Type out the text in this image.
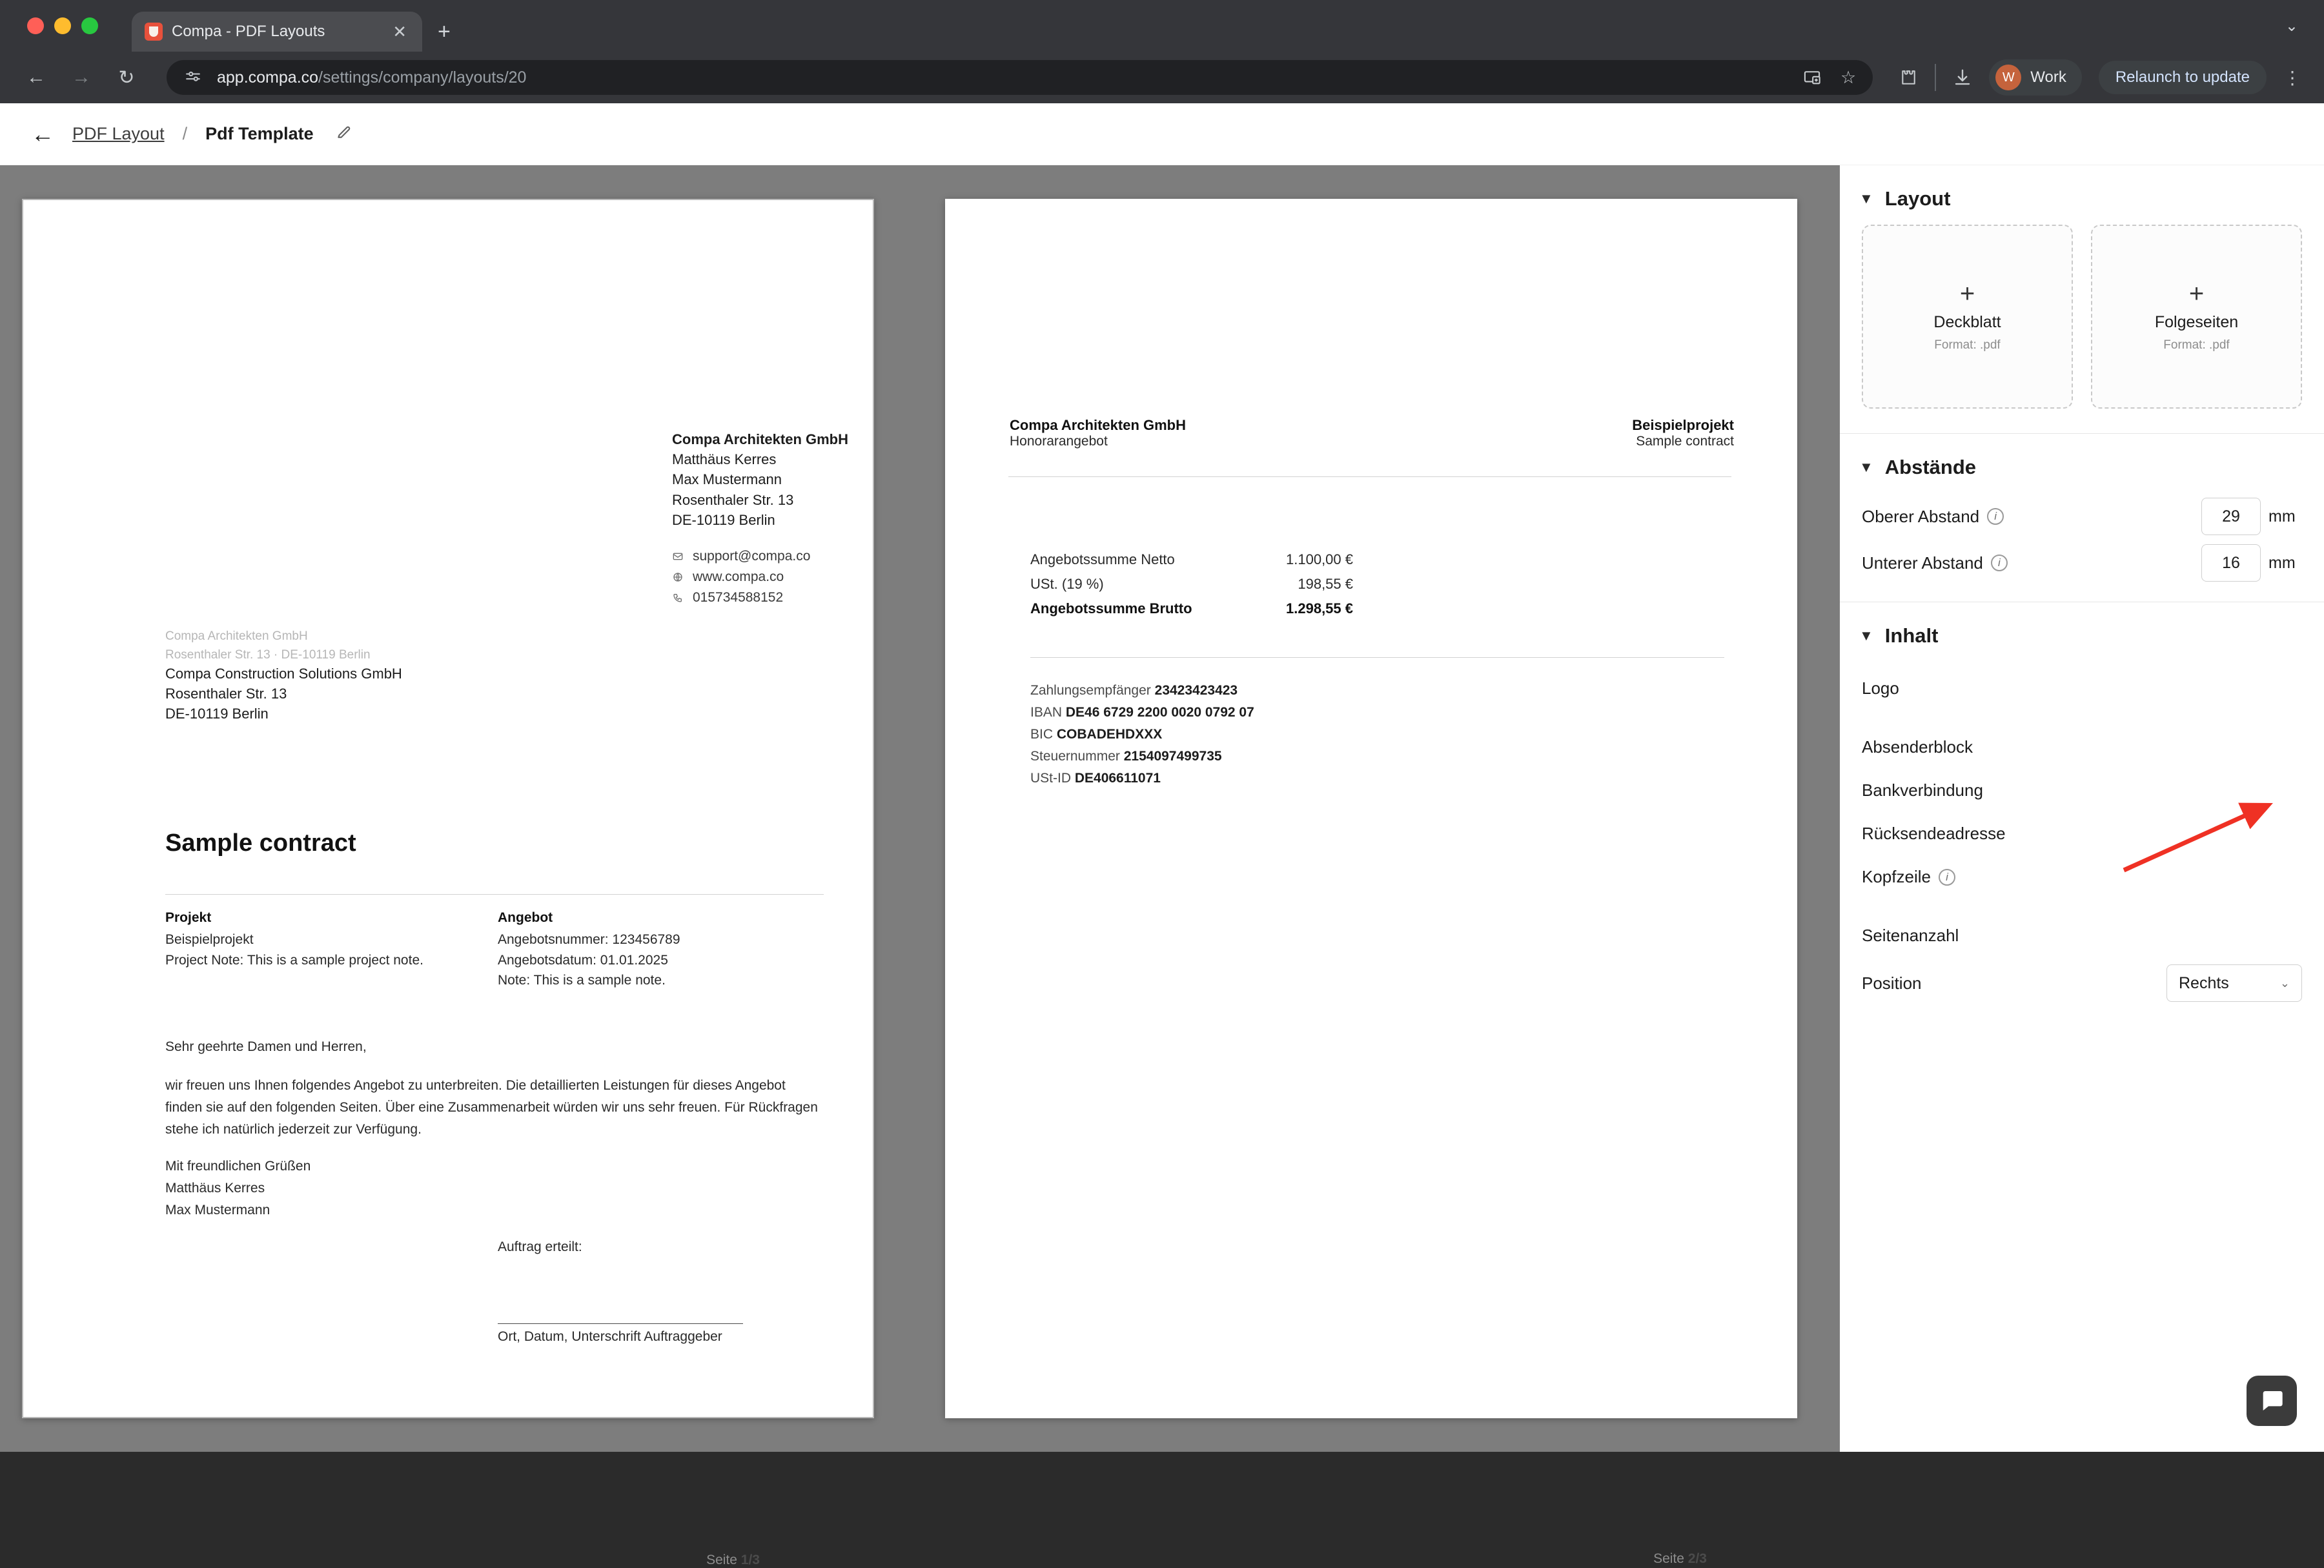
Compa - PDF Layouts	✕ +	⌄
← →	↻	app.compa.co/settings/company/layouts/20	☆	W	Work	Relaunch to update	⋮
← PDF Layout / Pdf Template
Compa Architekten GmbH
Matthäus Kerres
Max Mustermann
Rosenthaler Str. 13
DE-10119 Berlin
support@compa.co
www.compa.co
015734588152
Compa Architekten GmbH
Rosenthaler Str. 13 · DE-10119 Berlin
Compa Construction Solutions GmbH
Rosenthaler Str. 13
DE-10119 Berlin
Sample contract
Projekt
Beispielprojekt
Project Note: This is a sample project note.
Angebot
Angebotsnummer: 123456789
Angebotsdatum: 01.01.2025
Note: This is a sample note.
Sehr geehrte Damen und Herren,
wir freuen uns Ihnen folgendes Angebot zu unterbreiten. Die detaillierten Leistungen für dieses Angebot finden sie auf den folgenden Seiten. Über eine Zusammenarbeit würden wir uns sehr freuen. Für Rückfragen stehe ich natürlich jederzeit zur Verfügung.
Mit freundlichen Grüßen
Matthäus Kerres
Max Mustermann
Auftrag erteilt:
Ort, Datum, Unterschrift Auftraggeber
Seite 1/3
Compa Architekten GmbH
Honorarangebot
Beispielprojekt
Sample contract
Angebotssumme Netto	1.100,00 €
USt. (19 %)	198,55 €
Angebotssumme Brutto	1.298,55 €
Zahlungsempfänger 23423423423
IBAN DE46 6729 2200 0020 0792 07
BIC COBADEHDXXX
Steuernummer 2154097499735
USt-ID DE406611071
Seite 2/3
▼ Layout
+
Deckblatt
Format: .pdf
+
Folgeseiten
Format: .pdf
▼ Abstände
Oberer Abstand	i	29	mm
Unterer Abstand	i	16	mm
▼ Inhalt
Logo
Absenderblock
Bankverbindung
Rücksendeadresse
Kopfzeile	i
Seitenanzahl
Position	Rechts	⌄
